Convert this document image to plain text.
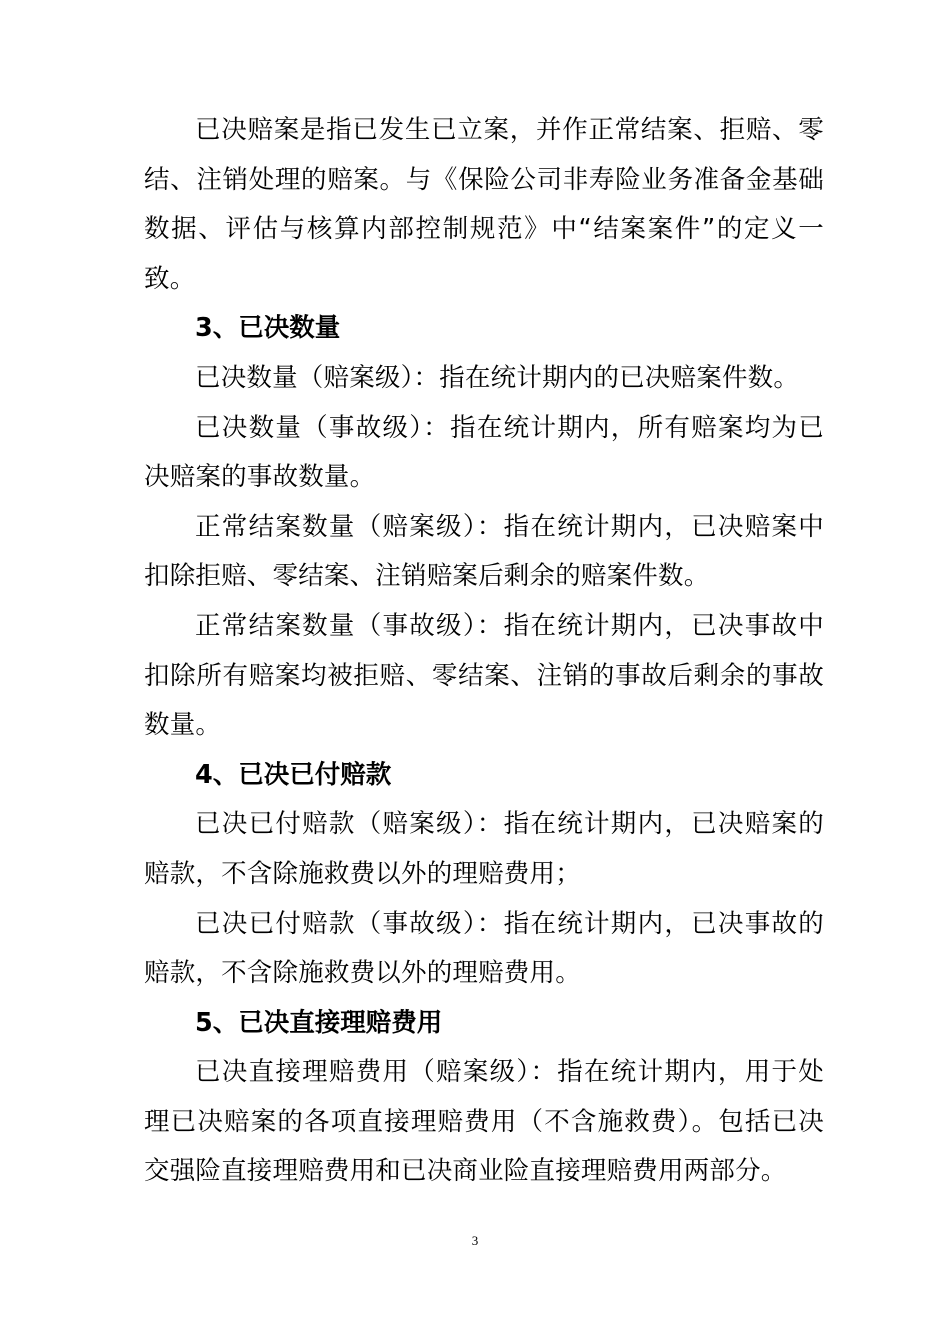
已决赔案是指已发生已立案，并作正常结案、拒赔、零结、注销处理的赔案。与《保险公司非寿险业务准备金基础数据、评估与核算内部控制规范》中“结案案件”的定义一致。

3、已决数量

已决数量（赔案级）：指在统计期内的已决赔案件数。

已决数量（事故级）：指在统计期内，所有赔案均为已决赔案的事故数量。

正常结案数量（赔案级）：指在统计期内，已决赔案中扣除拒赔、零结案、注销赔案后剩余的赔案件数。

正常结案数量（事故级）：指在统计期内，已决事故中扣除所有赔案均被拒赔、零结案、注销的事故后剩余的事故数量。

4、已决已付赔款

已决已付赔款（赔案级）：指在统计期内，已决赔案的赔款，不含除施救费以外的理赔费用；

已决已付赔款（事故级）：指在统计期内，已决事故的赔款，不含除施救费以外的理赔费用。

5、已决直接理赔费用

已决直接理赔费用（赔案级）：指在统计期内，用于处理已决赔案的各项直接理赔费用（不含施救费）。包括已决交强险直接理赔费用和已决商业险直接理赔费用两部分。

3
